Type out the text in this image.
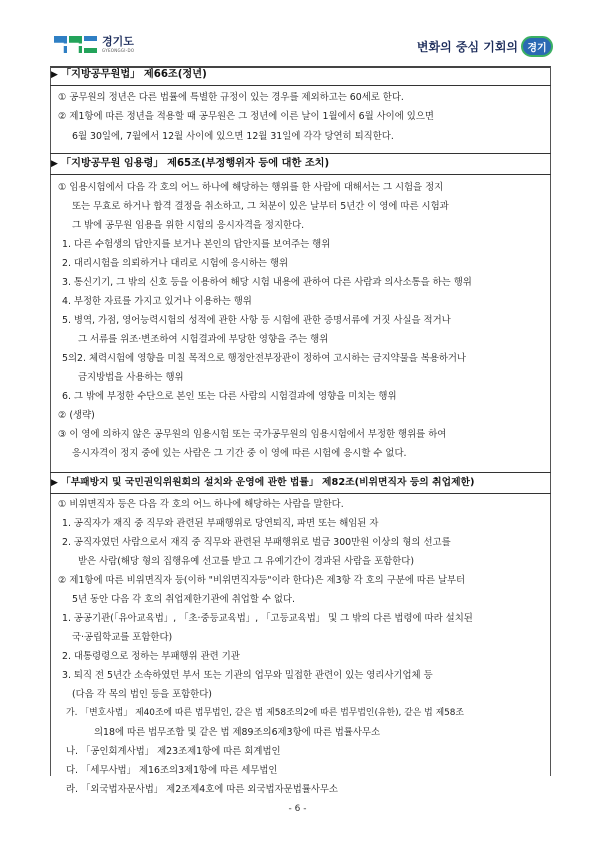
경기도
GYEONGGI-DO	변화의 중심 기회의 경기
▶ 「지방공무원법」 제66조(정년)
① 공무원의 정년은 다른 법률에 특별한 규정이 있는 경우를 제외하고는 60세로 한다.
② 제1항에 따른 정년을 적용할 때 공무원은 그 정년에 이른 날이 1월에서 6월 사이에 있으면
6월 30일에, 7월에서 12월 사이에 있으면 12월 31일에 각각 당연히 퇴직한다.
▶ 「지방공무원 임용령」 제65조(부정행위자 등에 대한 조치)
① 임용시험에서 다음 각 호의 어느 하나에 해당하는 행위를 한 사람에 대해서는 그 시험을 정지
또는 무효로 하거나 합격 결정을 취소하고, 그 처분이 있은 날부터 5년간 이 영에 따른 시험과
그 밖에 공무원 임용을 위한 시험의 응시자격을 정지한다.
1. 다른 수험생의 답안지를 보거나 본인의 답안지를 보여주는 행위
2. 대리시험을 의뢰하거나 대리로 시험에 응시하는 행위
3. 통신기기, 그 밖의 신호 등을 이용하여 해당 시험 내용에 관하여 다른 사람과 의사소통을 하는 행위
4. 부정한 자료를 가지고 있거나 이용하는 행위
5. 병역, 가점, 영어능력시험의 성적에 관한 사항 등 시험에 관한 증명서류에 거짓 사실을 적거나
그 서류를 위조·변조하여 시험결과에 부당한 영향을 주는 행위
5의2. 체력시험에 영향을 미칠 목적으로 행정안전부장관이 정하여 고시하는 금지약물을 복용하거나
금지방법을 사용하는 행위
6. 그 밖에 부정한 수단으로 본인 또는 다른 사람의 시험결과에 영향을 미치는 행위
② (생략)
③ 이 영에 의하지 않은 공무원의 임용시험 또는 국가공무원의 임용시험에서 부정한 행위를 하여
응시자격이 정지 중에 있는 사람은 그 기간 중 이 영에 따른 시험에 응시할 수 없다.
▶ 「부패방지 및 국민권익위원회의 설치와 운영에 관한 법률」 제82조(비위면직자 등의 취업제한)
① 비위면직자 등은 다음 각 호의 어느 하나에 해당하는 사람을 말한다.
1. 공직자가 재직 중 직무와 관련된 부패행위로 당연퇴직, 파면 또는 해임된 자
2. 공직자였던 사람으로서 재직 중 직무와 관련된 부패행위로 벌금 300만원 이상의 형의 선고를
받은 사람(해당 형의 집행유예 선고를 받고 그 유예기간이 경과된 사람을 포함한다)
② 제1항에 따른 비위면직자 등(이하 "비위면직자등"이라 한다)은 제3항 각 호의 구분에 따른 날부터
5년 동안 다음 각 호의 취업제한기관에 취업할 수 없다.
1. 공공기관(「유아교육법」, 「초·중등교육법」, 「고등교육법」 및 그 밖의 다른 법령에 따라 설치된
국·공립학교를 포함한다)
2. 대통령령으로 정하는 부패행위 관련 기관
3. 퇴직 전 5년간 소속하였던 부서 또는 기관의 업무와 밀접한 관련이 있는 영리사기업체 등
(다음 각 목의 법인 등을 포함한다)
가. 「변호사법」 제40조에 따른 법무법인, 같은 법 제58조의2에 따른 법무법인(유한), 같은 법 제58조
의18에 따른 법무조합 및 같은 법 제89조의6제3항에 따른 법률사무소
나. 「공인회계사법」 제23조제1항에 따른 회계법인
다. 「세무사법」 제16조의3제1항에 따른 세무법인
라. 「외국법자문사법」 제2조제4호에 따른 외국법자문법률사무소
- 6 -
